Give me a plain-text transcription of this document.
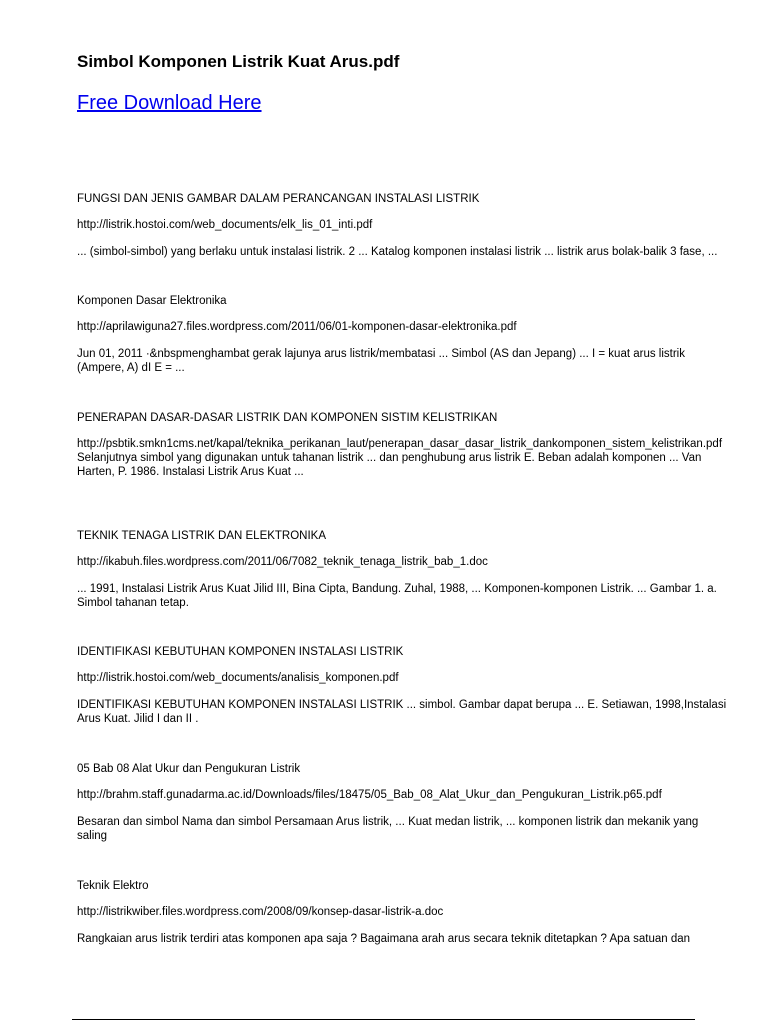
Simbol Komponen Listrik Kuat Arus.pdf
Free Download Here
FUNGSI DAN JENIS GAMBAR DALAM PERANCANGAN INSTALASI LISTRIK
http://listrik.hostoi.com/web_documents/elk_lis_01_inti.pdf
... (simbol-simbol) yang berlaku untuk instalasi listrik. 2 ... Katalog komponen instalasi listrik ... listrik arus bolak-balik 3 fase, ...
Komponen Dasar Elektronika
http://aprilawiguna27.files.wordpress.com/2011/06/01-komponen-dasar-elektronika.pdf
Jun 01, 2011 ·&nbspmenghambat gerak lajunya arus listrik/membatasi ... Simbol (AS dan Jepang) ... I = kuat arus listrik (Ampere, A) dI E = ...
PENERAPAN DASAR-DASAR LISTRIK DAN KOMPONEN SISTIM KELISTRIKAN
http://psbtik.smkn1cms.net/kapal/teknika_perikanan_laut/penerapan_dasar_dasar_listrik_dankomponen_sistem_kelistrikan.pdf
Selanjutnya simbol yang digunakan untuk tahanan listrik ... dan penghubung arus listrik E. Beban adalah komponen ... Van Harten, P. 1986. Instalasi Listrik Arus Kuat ...
TEKNIK TENAGA LISTRIK DAN ELEKTRONIKA
http://ikabuh.files.wordpress.com/2011/06/7082_teknik_tenaga_listrik_bab_1.doc
... 1991, Instalasi Listrik Arus Kuat Jilid III, Bina Cipta, Bandung. Zuhal, 1988, ... Komponen-komponen Listrik. ... Gambar 1. a. Simbol tahanan tetap.
IDENTIFIKASI KEBUTUHAN KOMPONEN INSTALASI LISTRIK
http://listrik.hostoi.com/web_documents/analisis_komponen.pdf
IDENTIFIKASI KEBUTUHAN KOMPONEN INSTALASI LISTRIK ... simbol. Gambar dapat berupa ... E. Setiawan, 1998,Instalasi Arus Kuat. Jilid I dan II .
05 Bab 08 Alat Ukur dan Pengukuran Listrik
http://brahm.staff.gunadarma.ac.id/Downloads/files/18475/05_Bab_08_Alat_Ukur_dan_Pengukuran_Listrik.p65.pdf
Besaran dan simbol Nama dan simbol Persamaan Arus listrik, ... Kuat medan listrik, ... komponen listrik dan mekanik yang saling
Teknik Elektro
http://listrikwiber.files.wordpress.com/2008/09/konsep-dasar-listrik-a.doc
Rangkaian arus listrik terdiri atas komponen apa saja ? Bagaimana arah arus secara teknik ditetapkan ? Apa satuan dan
